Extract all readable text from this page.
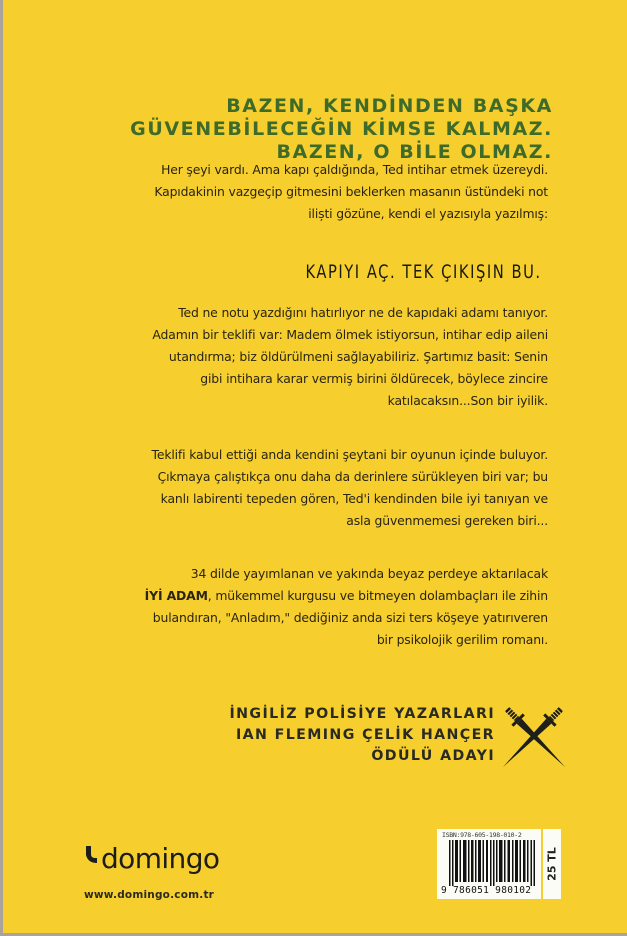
BAZEN, KENDİNDEN BAŞKA
GÜVENEBİLECEĞİN KİMSE KALMAZ.
BAZEN, O BİLE OLMAZ.
Her şeyi vardı. Ama kapı çaldığında, Ted intihar etmek üzereydi.
Kapıdakinin vazgeçip gitmesini beklerken masanın üstündeki not
iliști gözüne, kendi el yazısıyla yazılmış:
KAPIYI AÇ. TEK ÇIKIŞIN BU.
Ted ne notu yazdığını hatırlıyor ne de kapıdaki adamı tanıyor.
Adamın bir teklifi var: Madem ölmek istiyorsun, intihar edip aileni
utandırma; biz öldürülmeni sağlayabiliriz. Şartımız basit: Senin
gibi intihara karar vermiş birini öldürecek, böylece zincire
katılacaksın...Son bir iyilik.
Teklifi kabul ettiği anda kendini şeytani bir oyunun içinde buluyor.
Çıkmaya çalıştıkça onu daha da derinlere sürükleyen biri var; bu
kanlı labirenti tepeden gören, Ted'i kendinden bile iyi tanıyan ve
asla güvenmemesi gereken biri...
34 dilde yayımlanan ve yakında beyaz perdeye aktarılacak
İYİ ADAM, mükemmel kurgusu ve bitmeyen dolambaçları ile zihin
bulandıran, "Anladım," dediğiniz anda sizi ters köşeye yatırıveren
bir psikolojik gerilim romanı.
İNGİLİZ POLİSİYE YAZARLARI
IAN FLEMING ÇELİK HANÇER
ÖDÜLÜ ADAYI
domingo
www.domingo.com.tr
ISBN:978-605-198-010-2
9 786051 980102
25 TL
